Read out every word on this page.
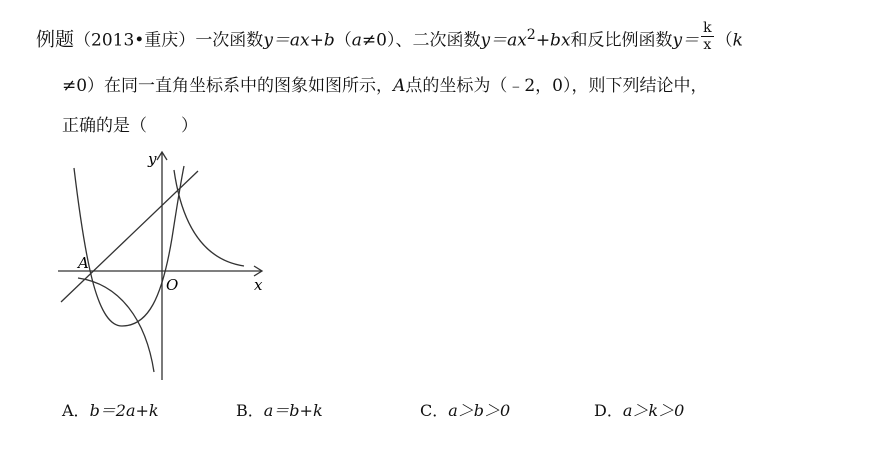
例题（2013•重庆）一次函数y＝ax+b（a≠0）、二次函数$y=ax^2+bx$和反比例函数$y= \frac{k}{x} (k$
≠0）在同一直角坐标系中的图象如图所示，A点的坐标为（﹣2，0），则下列结论中，
正确的是（　　）
y
x
O
A
A．b＝2a+k	B．a＝b+k	C．a＞b＞0	D．a＞k＞0
